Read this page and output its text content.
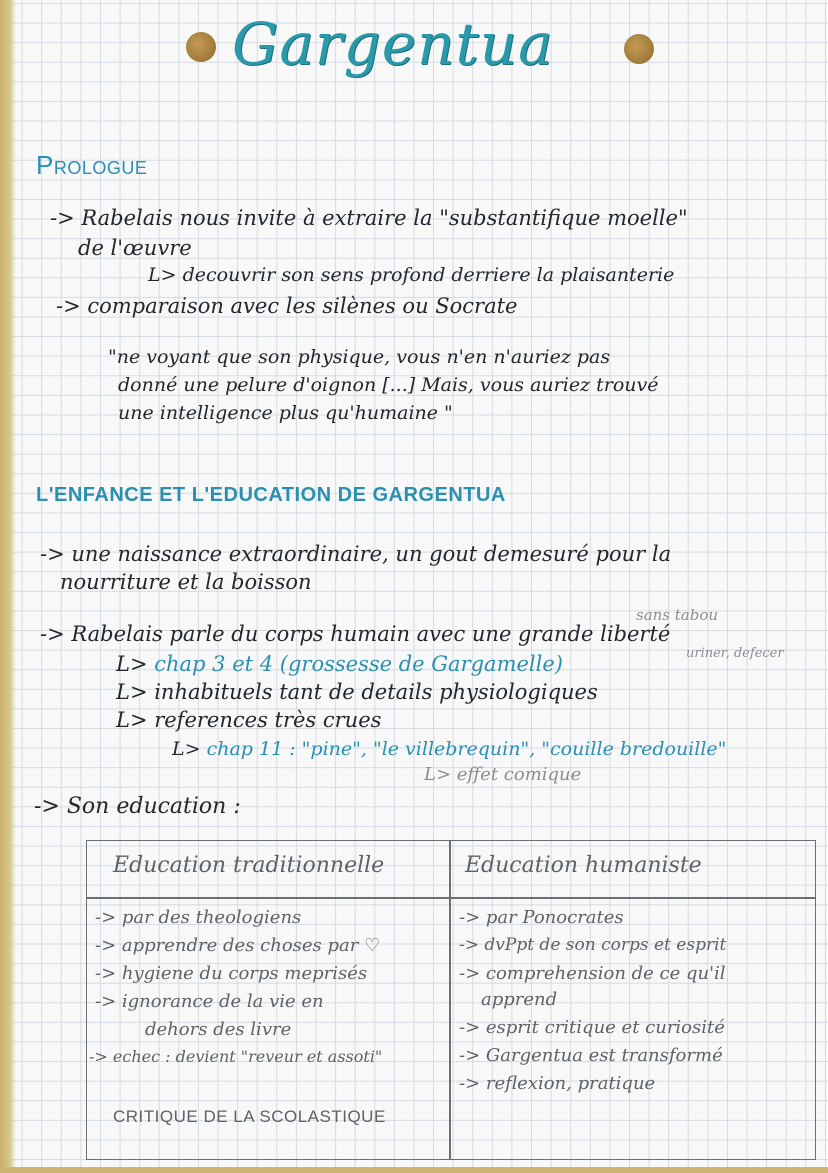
Gargentua
Prologue
-> Rabelais nous invite à extraire la "substantifique moelle"
de l'œuvre
L> decouvrir son sens profond derriere la plaisanterie
-> comparaison avec les silènes ou Socrate
"ne voyant que son physique, vous n'en n'auriez pas
donné une pelure d'oignon [...] Mais, vous auriez trouvé
une intelligence plus qu'humaine "
L'ENFANCE ET L'EDUCATION DE GARGENTUA
-> une naissance extraordinaire, un gout demesuré pour la
nourriture et la boisson
sans tabou
-> Rabelais parle du corps humain avec une grande liberté
L> chap 3 et 4 (grossesse de Gargamelle)	uriner, defecer
L> inhabituels tant de details physiologiques
L> references très crues
L> chap 11 : "pine", "le villebrequin", "couille bredouille"
L> effet comique
-> Son education :
Education traditionnelle	Education humaniste
-> par des theologiens
-> apprendre des choses par ♡
-> hygiene du corps meprisés
-> ignorance de la vie en
dehors des livre
-> echec : devient "reveur et assoti"
CRITIQUE DE LA SCOLASTIQUE
-> par Ponocrates
-> dvPpt de son corps et esprit
-> comprehension de ce qu'il
apprend
-> esprit critique et curiosité
-> Gargentua est transformé
-> reflexion, pratique
